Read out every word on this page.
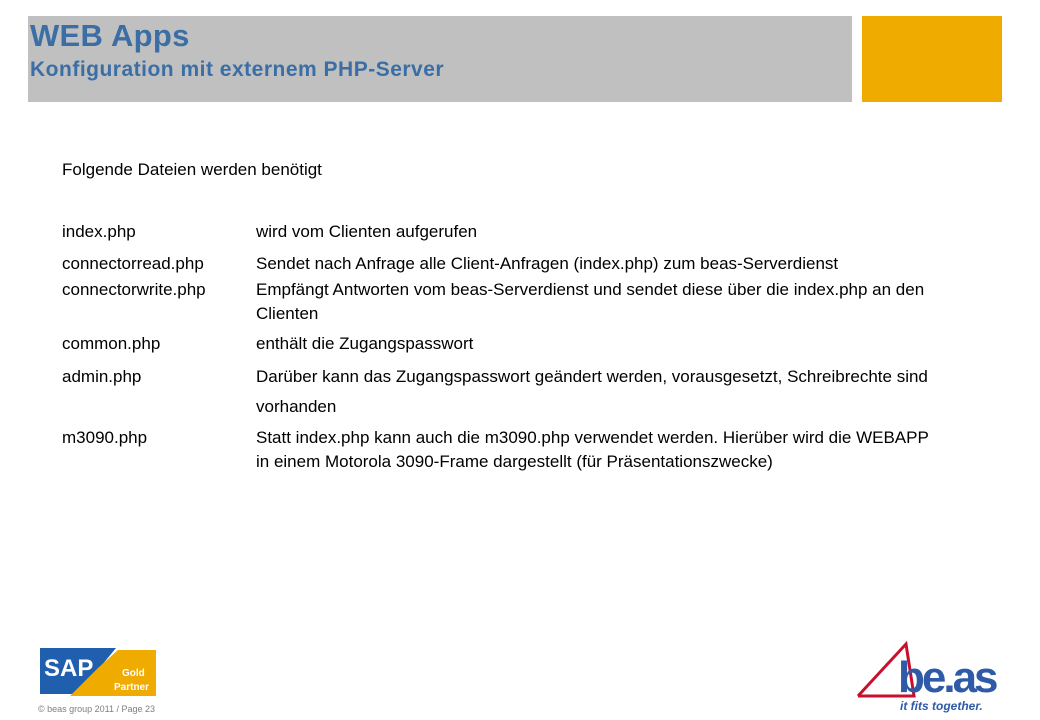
WEB Apps
Konfiguration mit externem PHP-Server
Folgende Dateien werden benötigt
index.php	wird vom Clienten aufgerufen
connectorread.php	Sendet nach Anfrage alle Client-Anfragen (index.php) zum beas-Serverdienst
connectorwrite.php	Empfängt Antworten vom beas-Serverdienst und sendet diese über die index.php an den Clienten
common.php	enthält die Zugangspasswort
admin.php	Darüber kann das Zugangspasswort geändert werden, vorausgesetzt, Schreibrechte sind vorhanden
m3090.php	Statt index.php kann auch die m3090.php verwendet werden. Hierüber wird die WEBAPP in einem Motorola 3090-Frame dargestellt (für Präsentationszwecke)
SAP	Gold
Partner
© beas group 2011 / Page 23
be.as
it fits together.
